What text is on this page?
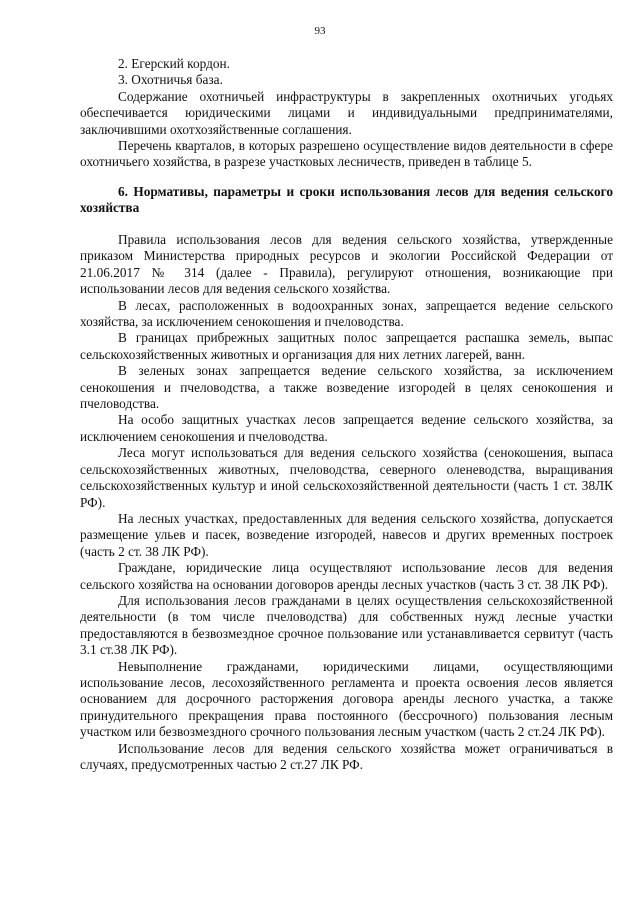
93

2. Егерский кордон.

3. Охотничья база.

Содержание охотничьей инфраструктуры в закрепленных охотничьих угодьях обеспечивается юридическими лицами и индивидуальными предпринимателями, заключившими охотхозяйственные соглашения.

Перечень кварталов, в которых разрешено осуществление видов деятельности в сфере охотничьего хозяйства, в разрезе участковых лесничеств, приведен в таблице 5.

6. Нормативы, параметры и сроки использования лесов для ведения сельского хозяйства

Правила использования лесов для ведения сельского хозяйства, утвержденные приказом Министерства природных ресурсов и экологии Российской Федерации от 21.06.2017 № 314 (далее - Правила), регулируют отношения, возникающие при использовании лесов для ведения сельского хозяйства.

В лесах, расположенных в водоохранных зонах, запрещается ведение сельского хозяйства, за исключением сенокошения и пчеловодства.

В границах прибрежных защитных полос запрещается распашка земель, выпас сельскохозяйственных животных и организация для них летних лагерей, ванн.

В зеленых зонах запрещается ведение сельского хозяйства, за исключением сенокошения и пчеловодства, а также возведение изгородей в целях сенокошения и пчеловодства.

На особо защитных участках лесов запрещается ведение сельского хозяйства, за исключением сенокошения и пчеловодства.

Леса могут использоваться для ведения сельского хозяйства (сенокошения, выпаса сельскохозяйственных животных, пчеловодства, северного оленеводства, выращивания сельскохозяйственных культур и иной сельскохозяйственной деятельности (часть 1 ст. 38ЛК РФ).

На лесных участках, предоставленных для ведения сельского хозяйства, допускается размещение ульев и пасек, возведение изгородей, навесов и других временных построек (часть 2 ст. 38 ЛК РФ).

Граждане, юридические лица осуществляют использование лесов для ведения сельского хозяйства на основании договоров аренды лесных участков (часть 3 ст. 38 ЛК РФ).

Для использования лесов гражданами в целях осуществления сельскохозяйственной деятельности (в том числе пчеловодства) для собственных нужд лесные участки предоставляются в безвозмездное срочное пользование или устанавливается сервитут (часть 3.1 ст.38 ЛК РФ).

Невыполнение гражданами, юридическими лицами, осуществляющими использование лесов, лесохозяйственного регламента и проекта освоения лесов является основанием для досрочного расторжения договора аренды лесного участка, а также принудительного прекращения права постоянного (бессрочного) пользования лесным участком или безвозмездного срочного пользования лесным участком (часть 2 ст.24 ЛК РФ).

Использование лесов для ведения сельского хозяйства может ограничиваться в случаях, предусмотренных частью 2 ст.27 ЛК РФ.
